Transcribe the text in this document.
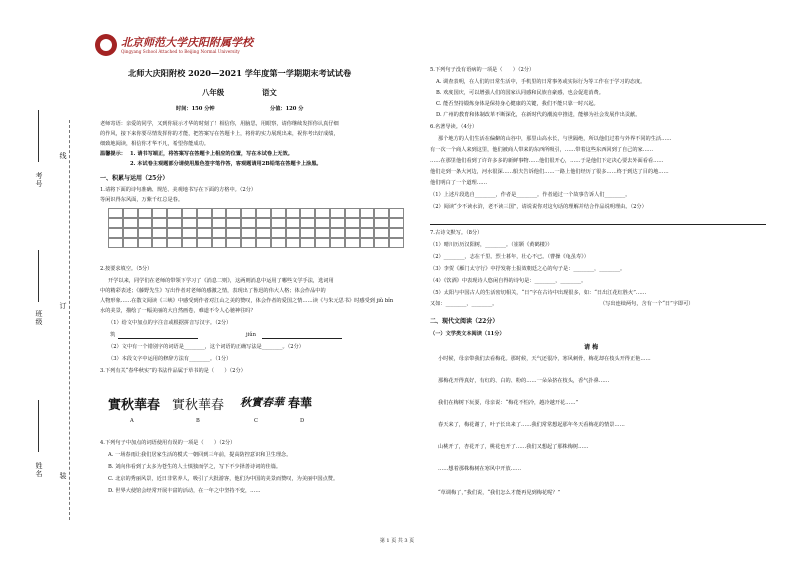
线
订
装
考号
班级
姓名
北京师范大学庆阳附属学校
Qingyang School Attached to Beijing Normal University
北师大庆阳附校 2020—2021 学年度第一学期期末考试试卷
八年级	语文
时间：150 分钟	分值：120 分
老师寄语：亲爱的同学，又到你展示才华的时刻了！相信你，用脑思，用眼察，请你继续发挥你认真仔细
的作风，接下来你要尽情发挥你的才能，把答案写在答题卡上，将你的实力展现出来，祝你考出好成绩，
细致地阅读，相信你才华不凡，希望你能成功。
温馨提示： 1. 请书写端正，将答案写在答题卡上相应的位置，写在本试卷上无效。
2. 本试卷主观题部分请使用黑色签字笔作答，客观题请用2B铅笔在答题卡上涂黑。
一、积累与运用（25分）
1.请将下面的诗句准确、规范、美观地书写在下面的方格中。（2分）
等闲识得东风面，万紫千红总是春。
2.按要求填空。（5分）
开学以来，同学们在老师的带领下学习了《消息二则》，这两则消息中运用了哪些文学手法，选词用
中的精彩表述；《藤野先生》写出作者对老师的感激之情，表现出了鲁迅的伟大人格；体会作品中的
人物形象……在散文阅读《三峡》中感受到作者对江山之美的赞叹，体会作者的爱国之情……读《与朱元思书》时感受到 jiǔ bǐn
水的美景，描绘了一幅美丽的大自然画卷，难道不令人心驰神往吗？
（1）给文中加点的字注音或根据拼音写汉字。（2分）
筑	jiǔn
（2）文中有一个错别字的词语是________，这个词语的正确写法是________。（2分）
（3）本段文字中运用的修辞方法有________。（1分）
3.下列有关“春华秋实”的书法作品属于草书的是（　　）（2分）
實秋華春 實秋華春 秋實春華 春華
A	B	C	D
4.下列句子中加点的词语使用有误的一项是（　　）（2分）
A. 一场春雨让我们居家生活的模式一朝回到三年前，提高防控意识和卫生理念。
B. 刘向伟看到了太多为苍生的人士慎独而学之，写下不少择善诗词的佳篇。
C. 北京的秀丽风景，近日非常养人，吸引了大批游客，他们为中国的美景而赞叹，为美丽中国点赞。
D. 世界大使馆会经常开展丰富的活动，在一年之中坚持不变，……
5.下列句子没有语病的一项是（　　）（2分）
A. 调查表明，在人们的日常生活中，手机里的日常事务或实际行为等工作在于学习的态度。
B. 欢度国庆，可以增强人们的国家认同感和民族自豪感，也会促进消费。
C. 能否坚持锻炼身体是保持身心健康的关键，我们不能只靠一时兴起。
D. 广州的教育和体制改革不断深化，在新时代的潮流中推进，能够为社会发展作出贡献。
6.名著导读。（4分）
那个地方的人们生活在偏僻的山谷中，那里山高水长，与世隔绝，所以他们过着与外界不同的生活……
有一次一个商人来到这里，他们被商人带来的东西所吸引，……带着这些东西回到了自己的家……
……在那里他们看到了许许多多的新鲜事物……他们很开心，……于是他们下定决心要去外面看看……
他们走到一条大河边，河水很深……船夫告诉他们……一路上他们经历了很多……终于到达了目的地……
他们明白了一个道理……
（1）上述片段选自________，作者是________。作者通过一个故事告诉人们________。
（2）阅读“少不读水浒，老不读三国”，请说说你对这句话的理解并结合作品说明理由。（2分）
7.古诗文默写。（8分）
（1）晴川历历汉阳树，________。（崔颢《黄鹤楼》）
（2）________，志在千里。烈士暮年，壮心不已。（曹操《龟虽寿》）
（3）李贺《雁门太守行》中抒发将士报效朝廷之心的句子是：________，________。
（4）《饮酒》中表现诗人悠闲自得的诗句是：________，________。
（5）太阳与中国古人的生活密切相关，“日”字在古诗中出现很多，如：“日出江花红胜火”……
又如：________，________。	（写出连续两句，含有一个“日”字即可）
二、现代文阅读（22分）
（一）文学类文本阅读（11分）
请 梅
小时候，母亲带我们去看梅花。那时候，天气还很冷，寒风刺骨，梅花却在枝头开得正艳……
那梅花开得真好，有红的、白的、粉的……一朵朵挤在枝头，香气扑鼻……
我们在梅树下玩耍，母亲说：“梅花不怕冷，越冷越开花……”
春天来了，梅花谢了，叶子长出来了……我们常常想起那年冬天看梅花的情景……
山桃开了，杏花开了，桃花也开了……我们又想起了那株梅树……
……想着那株梅树在寒风中开放……
“草调梅了，”我们说，“我们怎么才能再见到梅花呢？”
第 1 页 共 3 页
